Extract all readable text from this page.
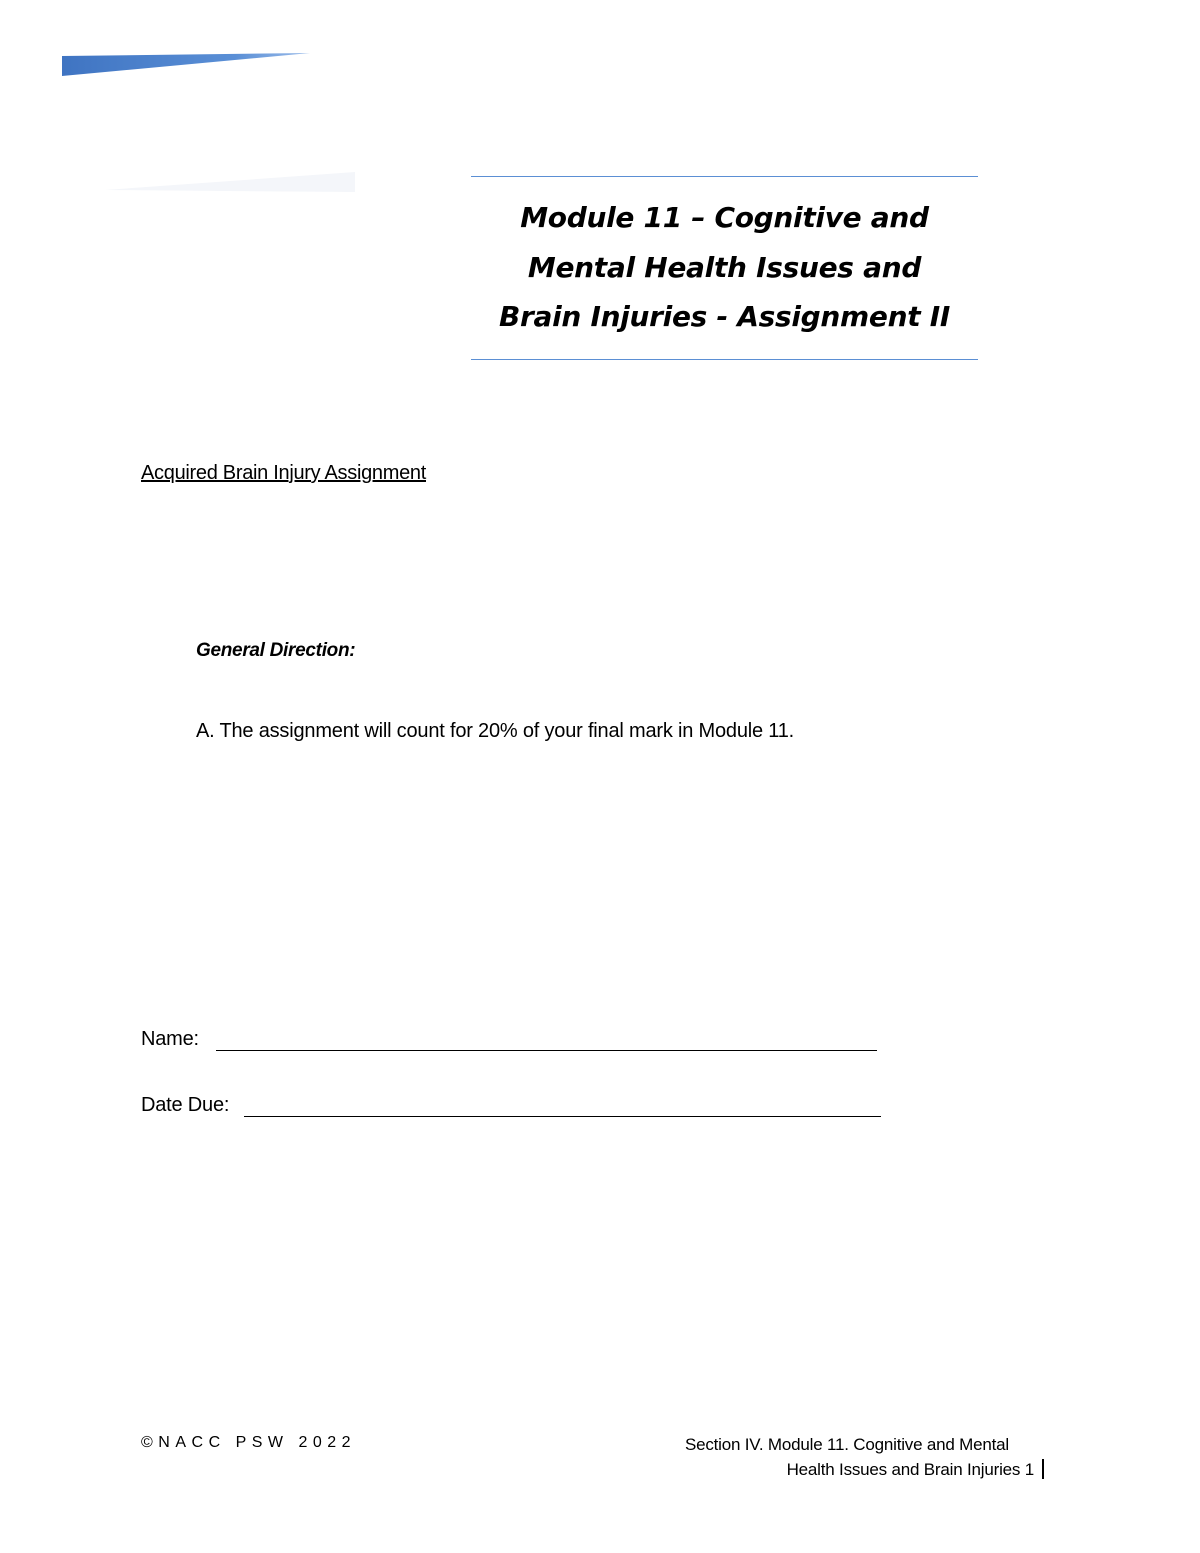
Module 11 – Cognitive and
Mental Health Issues and
Brain Injuries - Assignment II
Acquired Brain Injury Assignment
General Direction:
A. The assignment will count for 20% of your final mark in Module 11.
Name:
Date Due:
©NACC PSW 2022	Section IV. Module 11. Cognitive and Mental
Health Issues and Brain Injuries 1
